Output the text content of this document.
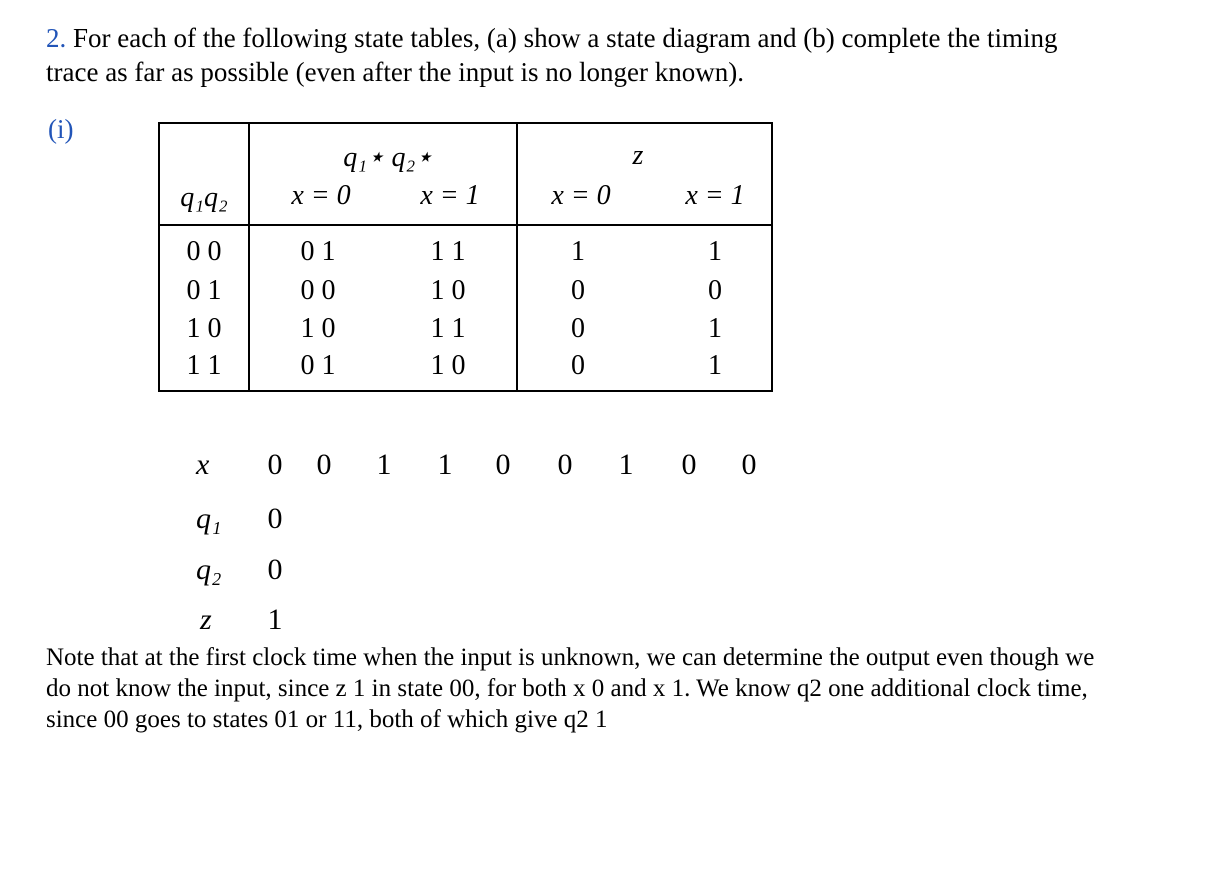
2. For each of the following state tables, (a) show a state diagram and (b) complete the timing
trace as far as possible (even after the input is no longer known).
(i)
q₁⋆ q₂⋆	z
q₁q₂	x = 0	x = 1	x = 0	x = 1
0 0	0 1	1 1	1	1
0 1	0 0	1 0	0	0
1 0	1 0	1 1	0	1
1 1	0 1	1 0	0	1
x 0 0 1 1 0 0 1 0 0
q₁ 0
q₂ 0
z 1
Note that at the first clock time when the input is unknown, we can determine the output even though we
do not know the input, since z 1 in state 00, for both x 0 and x 1. We know q2 one additional clock time,
since 00 goes to states 01 or 11, both of which give q2 1
